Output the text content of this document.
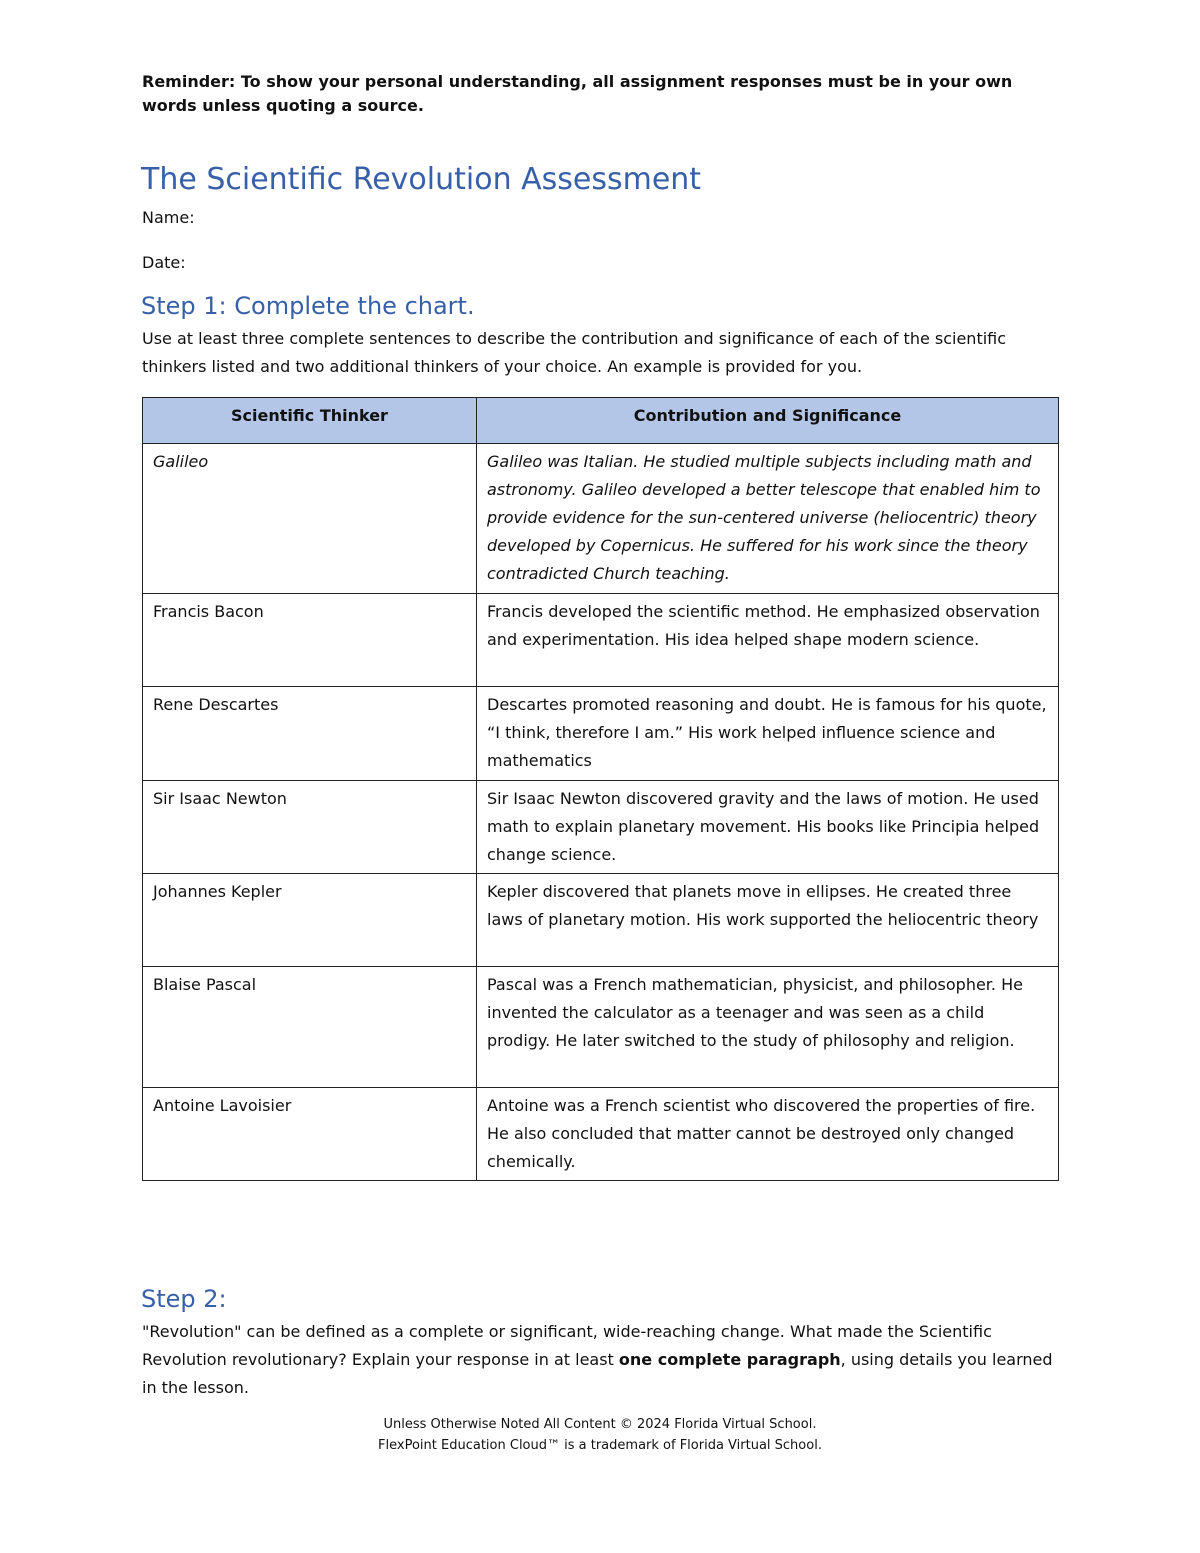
Reminder: To show your personal understanding, all assignment responses must be in your own words unless quoting a source.
The Scientific Revolution Assessment
Name:
Date:
Step 1: Complete the chart.
Use at least three complete sentences to describe the contribution and significance of each of the scientific thinkers listed and two additional thinkers of your choice. An example is provided for you.
Scientific Thinker	Contribution and Significance
Galileo	Galileo was Italian. He studied multiple subjects including math and astronomy. Galileo developed a better telescope that enabled him to provide evidence for the sun-centered universe (heliocentric) theory developed by Copernicus. He suffered for his work since the theory contradicted Church teaching.
Francis Bacon	Francis developed the scientific method. He emphasized observation and experimentation. His idea helped shape modern science.
Rene Descartes	Descartes promoted reasoning and doubt. He is famous for his quote, “I think, therefore I am.” His work helped influence science and mathematics
Sir Isaac Newton	Sir Isaac Newton discovered gravity and the laws of motion. He used math to explain planetary movement. His books like Principia helped change science.
Johannes Kepler	Kepler discovered that planets move in ellipses. He created three laws of planetary motion. His work supported the heliocentric theory
Blaise Pascal	Pascal was a French mathematician, physicist, and philosopher. He invented the calculator as a teenager and was seen as a child prodigy. He later switched to the study of philosophy and religion.
Antoine Lavoisier	Antoine was a French scientist who discovered the properties of fire. He also concluded that matter cannot be destroyed only changed chemically.
Step 2:
"Revolution" can be defined as a complete or significant, wide-reaching change. What made the Scientific Revolution revolutionary? Explain your response in at least one complete paragraph, using details you learned in the lesson.
Unless Otherwise Noted All Content © 2024 Florida Virtual School.
FlexPoint Education Cloud™ is a trademark of Florida Virtual School.
